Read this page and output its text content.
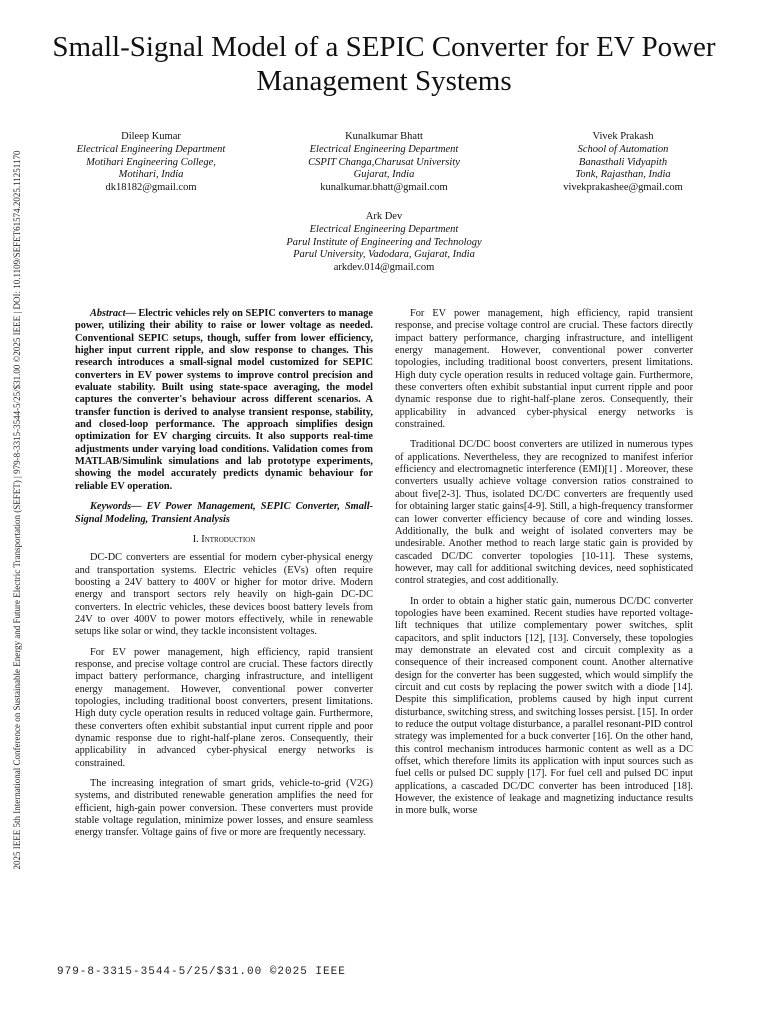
2025 IEEE 5th International Conference on Sustainable Energy and Future Electric Transportation (SEFET) | 979-8-3315-3544-5/25/$31.00 ©2025 IEEE | DOI: 10.1109/SEFET61574.2025.11251170
Small-Signal Model of a SEPIC Converter for EV Power Management Systems
Dileep Kumar
Electrical Engineering Department
Motihari Engineering College,
Motihari, India
dk18182@gmail.com
Kunalkumar Bhatt
Electrical Engineering Department
CSPIT Changa,Charusat University
Gujarat, India
kunalkumar.bhatt@gmail.com
Vivek Prakash
School of Automation
Banasthali Vidyapith
Tonk, Rajasthan, India
vivekprakashee@gmail.com
Ark Dev
Electrical Engineering Department
Parul Institute of Engineering and Technology
Parul University, Vadodara, Gujarat, India
arkdev.014@gmail.com

Abstract— Electric vehicles rely on SEPIC converters to manage power, utilizing their ability to raise or lower voltage as needed. Conventional SEPIC setups, though, suffer from lower efficiency, higher input current ripple, and slow response to changes. This research introduces a small-signal model customized for SEPIC converters in EV power systems to improve control precision and evaluate stability. Built using state-space averaging, the model captures the converter's behaviour across different scenarios. A transfer function is derived to analyse transient response, stability, and closed-loop performance. The approach simplifies design optimization for EV charging circuits. It also supports real-time adjustments under varying load conditions. Validation comes from MATLAB/Simulink simulations and lab prototype experiments, showing the model accurately predicts dynamic behaviour for reliable EV operation.

Keywords— EV Power Management, SEPIC Converter, Small-Signal Modeling, Transient Analysis

I. Introduction

DC-DC converters are essential for modern cyber-physical energy and transportation systems. Electric vehicles (EVs) often require boosting a 24V battery to 400V or higher for motor drive. Modern energy and transport sectors rely heavily on high-gain DC-DC converters. In electric vehicles, these devices boost battery levels from 24V to over 400V to power motors effectively, while in renewable setups like solar or wind, they tackle inconsistent voltages.

For EV power management, high efficiency, rapid transient response, and precise voltage control are crucial. These factors directly impact battery performance, charging infrastructure, and intelligent energy management. However, conventional power converter topologies, including traditional boost converters, present limitations. High duty cycle operation results in reduced voltage gain. Furthermore, these converters often exhibit substantial input current ripple and poor dynamic response due to right-half-plane zeros. Consequently, their applicability in advanced cyber-physical energy networks is constrained.

The increasing integration of smart grids, vehicle-to-grid (V2G) systems, and distributed renewable generation amplifies the need for efficient, high-gain power conversion. These converters must provide stable voltage regulation, minimize power losses, and ensure seamless energy transfer. Voltage gains of five or more are frequently necessary.

For EV power management, high efficiency, rapid transient response, and precise voltage control are crucial. These factors directly impact battery performance, charging infrastructure, and intelligent energy management. However, conventional power converter topologies, including traditional boost converters, present limitations. High duty cycle operation results in reduced voltage gain. Furthermore, these converters often exhibit substantial input current ripple and poor dynamic response due to right-half-plane zeros. Consequently, their applicability in advanced cyber-physical energy networks is constrained.

Traditional DC/DC boost converters are utilized in numerous types of applications. Nevertheless, they are recognized to manifest inferior efficiency and electromagnetic interference (EMI)[1] . Moreover, these converters usually achieve voltage conversion ratios constrained to about five[2-3]. Thus, isolated DC/DC converters are frequently used for obtaining larger static gains[4-9]. Still, a high-frequency transformer can lower converter efficiency because of core and winding losses. Additionally, the bulk and weight of isolated converters may be undesirable. Another method to reach large static gain is provided by cascaded DC/DC converter topologies [10-11]. These systems, however, may call for additional switching devices, need sophisticated control strategies, and cost additionally.

In order to obtain a higher static gain, numerous DC/DC converter topologies have been examined. Recent studies have reported voltage-lift techniques that utilize complementary power switches, split capacitors, and split inductors [12], [13]. Conversely, these topologies may demonstrate an elevated cost and circuit complexity as a consequence of their increased component count. Another alternative design for the converter has been suggested, which would simplify the circuit and cut costs by replacing the power switch with a diode [14]. Despite this simplification, problems caused by high input current disturbance, switching stress, and switching losses persist. [15]. In order to reduce the output voltage disturbance, a parallel resonant-PID control strategy was implemented for a buck converter [16]. On the other hand, this control mechanism introduces harmonic content as well as a DC offset, which therefore limits its application with input sources such as fuel cells or pulsed DC supply [17]. For fuel cell and pulsed DC input applications, a cascaded DC/DC converter has been introduced [18]. However, the existence of leakage and magnetizing inductance results in more bulk, worse

979-8-3315-3544-5/25/$31.00 ©2025 IEEE
